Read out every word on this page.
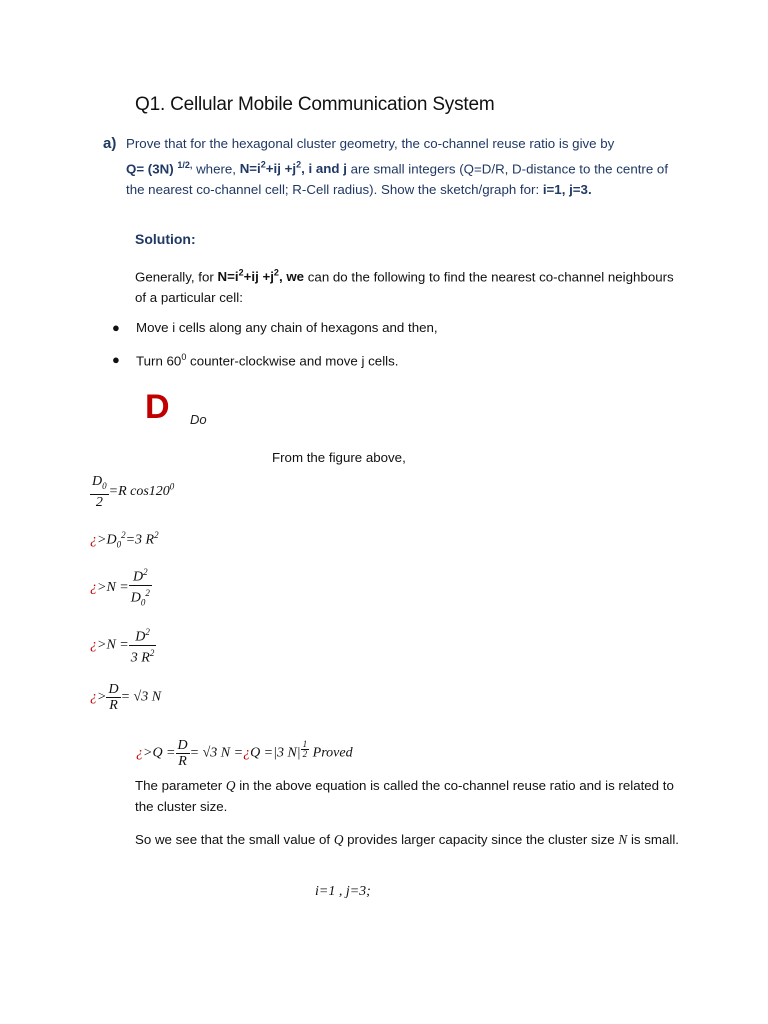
Q1. Cellular Mobile Communication System
a) Prove that for the hexagonal cluster geometry, the co-channel reuse ratio is give by
Q= (3N) $^{1/2,}$ where, $N=i^2+ij +j^2$, i and j are small integers (Q=D/R, D-distance to the centre of the nearest co-channel cell; R-Cell radius). Show the sketch/graph for: i=1, j=3.
Solution:
Generally, for $N=i^2+ij +j^2$, we can do the following to find the nearest co-channel neighbours of a particular cell:
● Move i cells along any chain of hexagons and then,
● Turn $60^0$ counter-clockwise and move j cells.
D Do
From the figure above,
$\frac{D_0}{2} =R$ $\cos 120^0$
¿$>D_0^2=3$ $R^2$
¿$>N = \frac{D^2}{D_0^2}$
¿$>N = \frac{D^2}{3 R^2}$
¿> $\frac{D}{R} = √3$ N
¿$>Q = \frac{D}{R} = √3$ N =¿Q =|3 N| $^{\frac{1}{2}}$ Proved
The parameter Q in the above equation is called the co-channel reuse ratio and is related to the cluster size.
So we see that the small value of Q provides larger capacity since the cluster size N is small.
i=1 , j=3;
